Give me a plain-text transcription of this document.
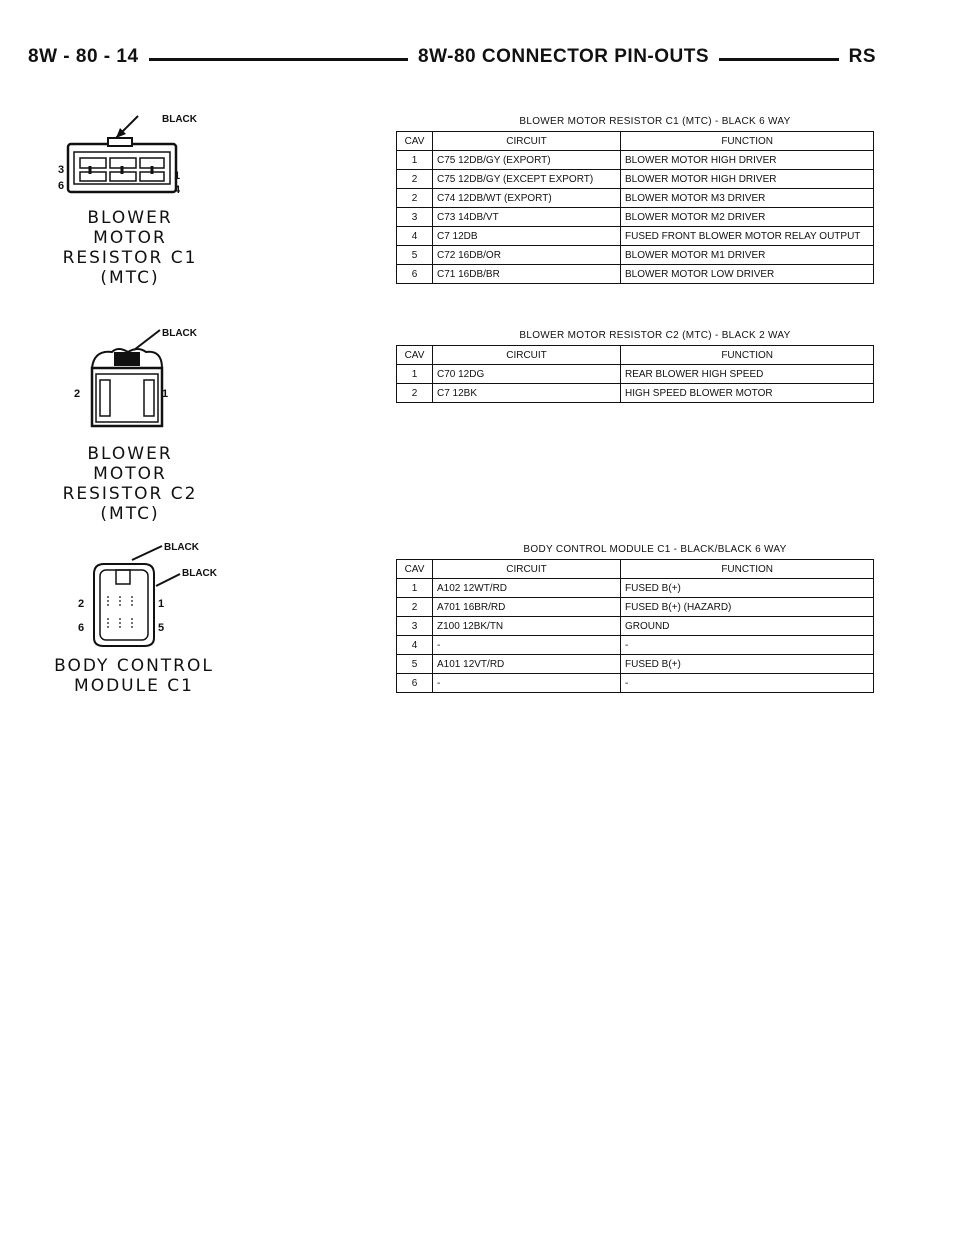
8W - 80 - 14	8W-80 CONNECTOR PIN-OUTS	RS
BLACK
3
6
1
4
BLOWER MOTOR
RESISTOR C1
(MTC)
BLACK
2	1
BLOWER MOTOR
RESISTOR C2
(MTC)
BLACK
BLACK
2
6
1
5
BODY CONTROL
MODULE C1
BLOWER MOTOR RESISTOR C1 (MTC) - BLACK 6 WAY
CAV	CIRCUIT	FUNCTION
1	C75 12DB/GY (EXPORT)	BLOWER MOTOR HIGH DRIVER
2	C75 12DB/GY (EXCEPT EXPORT)	BLOWER MOTOR HIGH DRIVER
2	C74 12DB/WT (EXPORT)	BLOWER MOTOR M3 DRIVER
3	C73 14DB/VT	BLOWER MOTOR M2 DRIVER
4	C7 12DB	FUSED FRONT BLOWER MOTOR RELAY OUTPUT
5	C72 16DB/OR	BLOWER MOTOR M1 DRIVER
6	C71 16DB/BR	BLOWER MOTOR LOW DRIVER
BLOWER MOTOR RESISTOR C2 (MTC) - BLACK 2 WAY
CAV	CIRCUIT	FUNCTION
1	C70 12DG	REAR BLOWER HIGH SPEED
2	C7 12BK	HIGH SPEED BLOWER MOTOR
BODY CONTROL MODULE C1 - BLACK/BLACK 6 WAY
CAV	CIRCUIT	FUNCTION
1	A102 12WT/RD	FUSED B(+)
2	A701 16BR/RD	FUSED B(+) (HAZARD)
3	Z100 12BK/TN	GROUND
4	-	-
5	A101 12VT/RD	FUSED B(+)
6	-	-
